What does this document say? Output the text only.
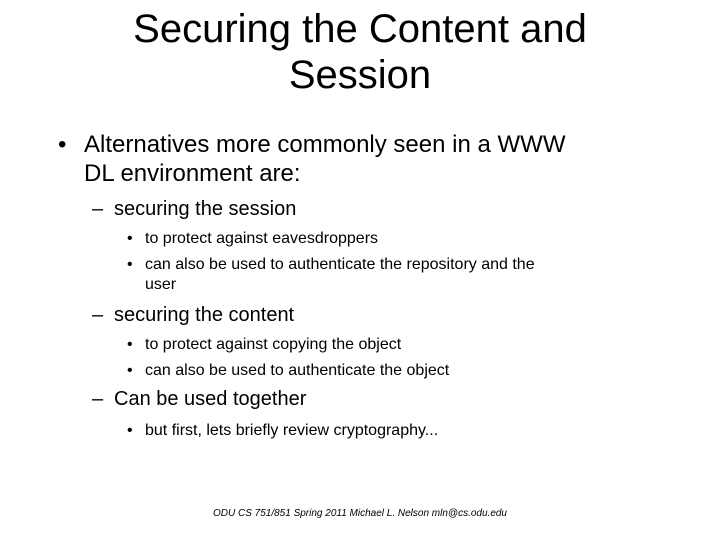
Securing the Content and
Session
• Alternatives more commonly seen in a WWW
DL environment are:
– securing the session
• to protect against eavesdroppers
• can also be used to authenticate the repository and the
user
– securing the content
• to protect against copying the object
• can also be used to authenticate the object
– Can be used together
• but first, lets briefly review cryptography...
ODU CS 751/851 Spring 2011 Michael L. Nelson mln@cs.odu.edu
